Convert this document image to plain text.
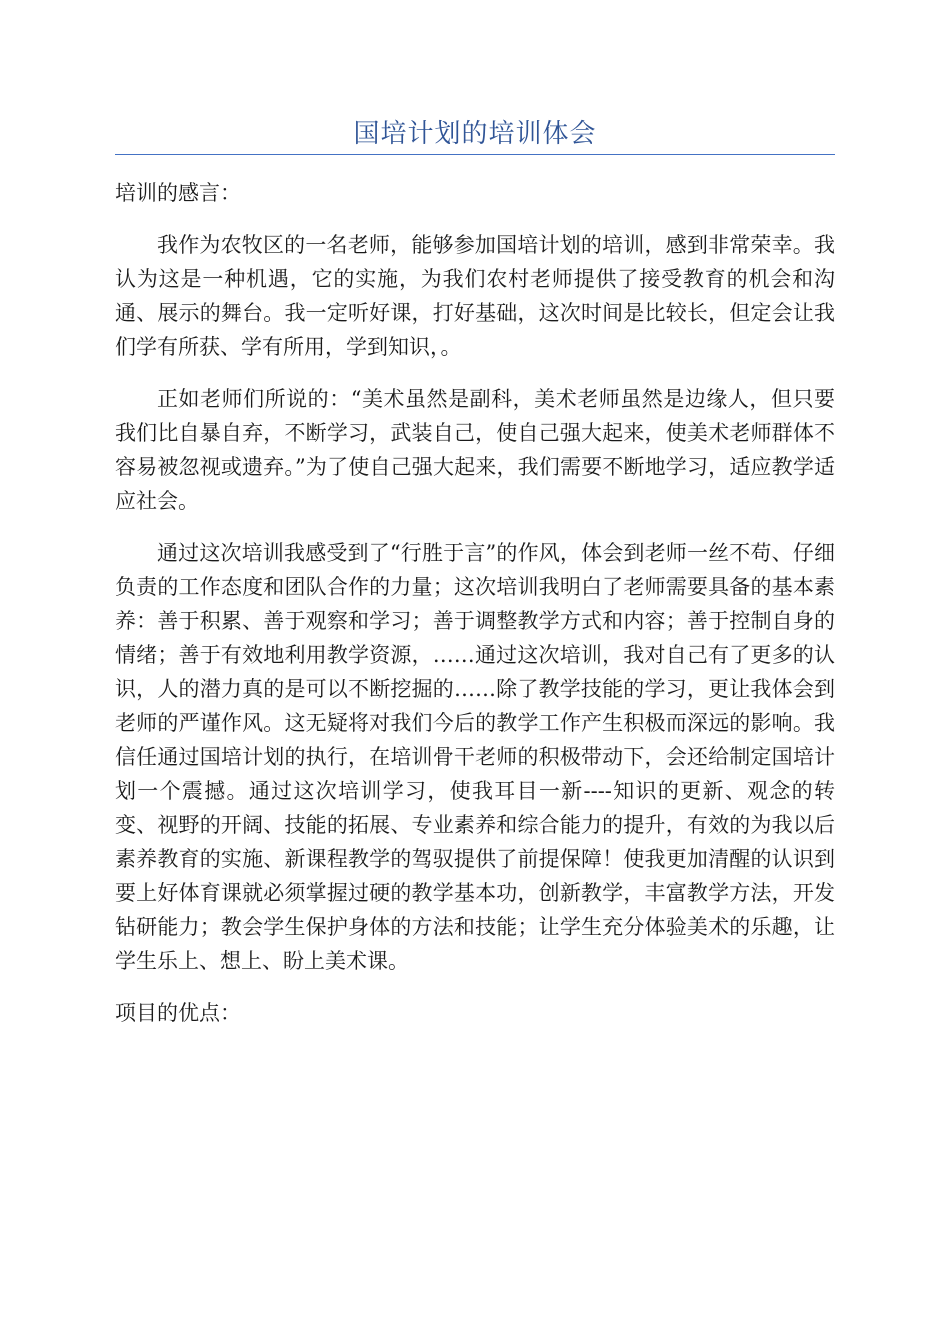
国培计划的培训体会

培训的感言：

我作为农牧区的一名老师，能够参加国培计划的培训，感到非常荣幸。我认为这是一种机遇，它的实施，为我们农村老师提供了接受教育的机会和沟通、展示的舞台。我一定听好课，打好基础，这次时间是比较长，但定会让我们学有所获、学有所用，学到知识，。

正如老师们所说的：“美术虽然是副科，美术老师虽然是边缘人，但只要我们比自暴自弃，不断学习，武装自己，使自己强大起来，使美术老师群体不容易被忽视或遗弃。”为了使自己强大起来，我们需要不断地学习，适应教学适应社会。

通过这次培训我感受到了“行胜于言”的作风，体会到老师一丝不苟、仔细负责的工作态度和团队合作的力量；这次培训我明白了老师需要具备的基本素养：善于积累、善于观察和学习；善于调整教学方式和内容；善于控制自身的情绪；善于有效地利用教学资源，……通过这次培训，我对自己有了更多的认识，人的潜力真的是可以不断挖掘的……除了教学技能的学习，更让我体会到老师的严谨作风。这无疑将对我们今后的教学工作产生积极而深远的影响。我信任通过国培计划的执行，在培训骨干老师的积极带动下，会还给制定国培计划一个震撼。通过这次培训学习，使我耳目一新----知识的更新、观念的转变、视野的开阔、技能的拓展、专业素养和综合能力的提升，有效的为我以后素养教育的实施、新课程教学的驾驭提供了前提保障！使我更加清醒的认识到要上好体育课就必须掌握过硬的教学基本功，创新教学，丰富教学方法，开发钻研能力；教会学生保护身体的方法和技能；让学生充分体验美术的乐趣，让学生乐上、想上、盼上美术课。

项目的优点：
